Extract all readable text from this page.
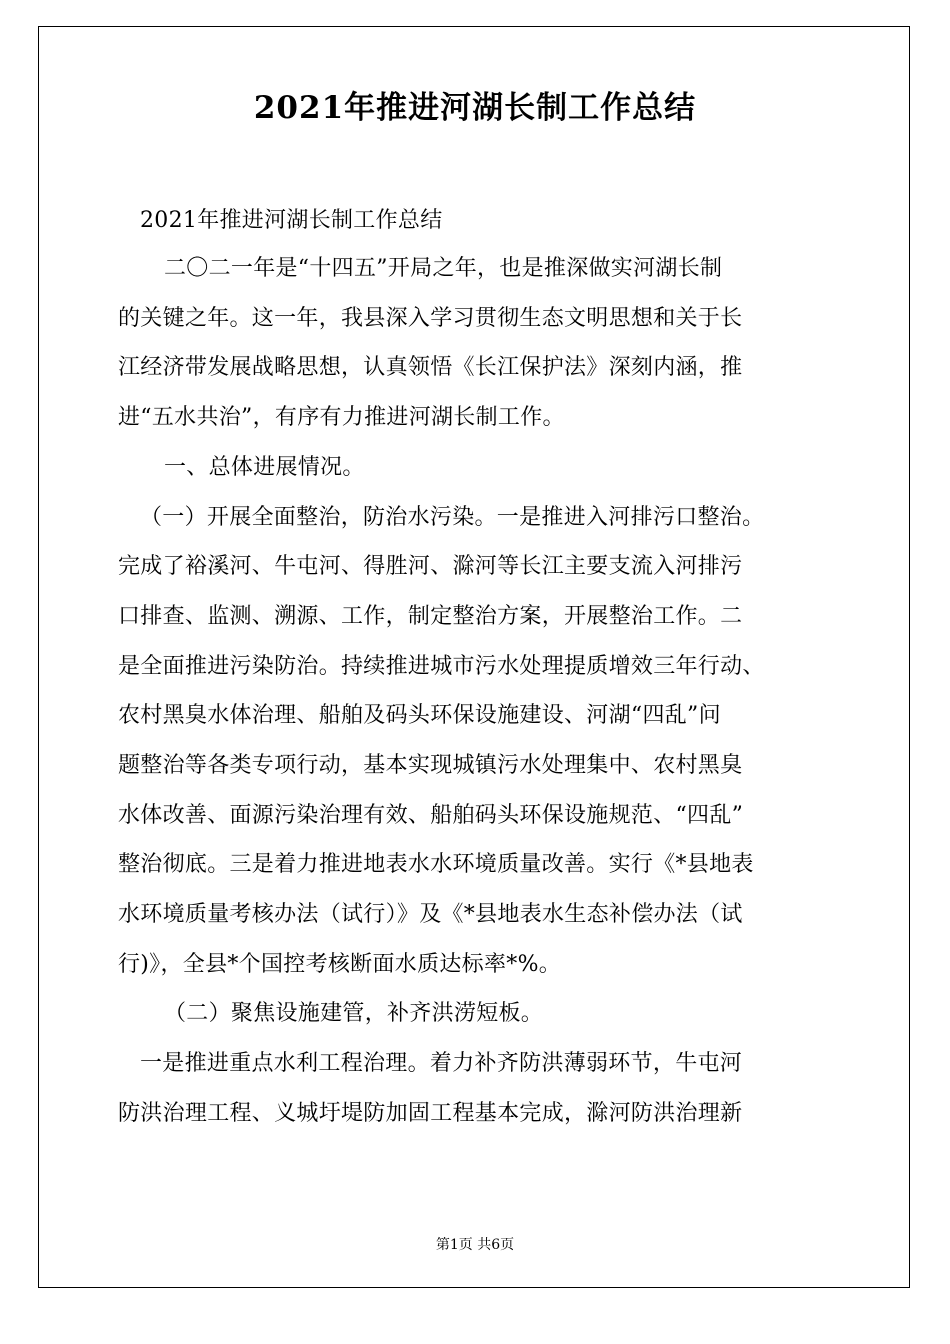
2021年推进河湖长制工作总结
2021年推进河湖长制工作总结
二〇二一年是“十四五”开局之年，也是推深做实河湖长制
的关键之年。这一年，我县深入学习贯彻生态文明思想和关于长
江经济带发展战略思想，认真领悟《长江保护法》深刻内涵，推
进“五水共治”，有序有力推进河湖长制工作。
一、总体进展情况。
（一）开展全面整治，防治水污染。一是推进入河排污口整治。
完成了裕溪河、牛屯河、得胜河、滁河等长江主要支流入河排污
口排查、监测、溯源、工作，制定整治方案，开展整治工作。二
是全面推进污染防治。持续推进城市污水处理提质增效三年行动、
农村黑臭水体治理、船舶及码头环保设施建设、河湖“四乱”问
题整治等各类专项行动，基本实现城镇污水处理集中、农村黑臭
水体改善、面源污染治理有效、船舶码头环保设施规范、“四乱”
整治彻底。三是着力推进地表水水环境质量改善。实行《*县地表
水环境质量考核办法（试行）》及《*县地表水生态补偿办法（试
行)》，全县*个国控考核断面水质达标率*%。
（二）聚焦设施建管，补齐洪涝短板。
一是推进重点水利工程治理。着力补齐防洪薄弱环节，牛屯河
防洪治理工程、义城圩堤防加固工程基本完成，滁河防洪治理新
第1页 共6页
